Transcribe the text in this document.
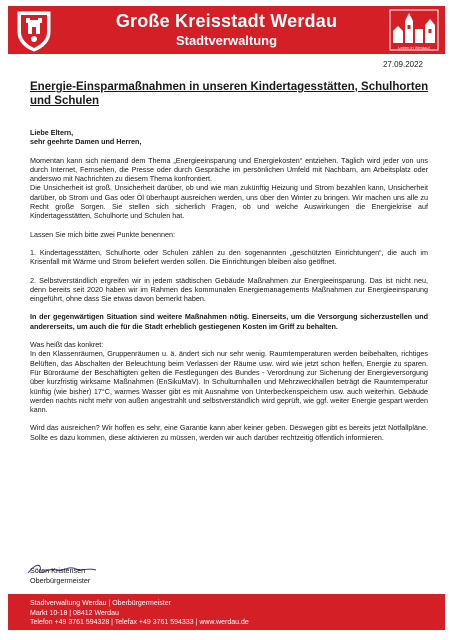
Große Kreisstadt Werdau
Stadtverwaltung	Leben in Werdau!
27.09.2022
Energie-Einsparmaßnahmen in unseren Kindertagesstätten, Schulhorten und Schulen

Liebe Eltern,
sehr geehrte Damen und Herren,

Momentan kann sich niemand dem Thema „Energieeinsparung und Energiekosten“ entziehen. Täglich wird jeder von uns durch Internet, Fernsehen, die Presse oder durch Gespräche im persönlichen Umfeld mit Nachbarn, am Arbeitsplatz oder anderswo mit Nachrichten zu diesem Thema konfrontiert.

Die Unsicherheit ist groß. Unsicherheit darüber, ob und wie man zukünftig Heizung und Strom bezahlen kann, Unsicherheit darüber, ob Strom und Gas oder Öl überhaupt ausreichen werden, uns über den Winter zu bringen. Wir machen uns alle zu Recht große Sorgen. Sie stellen sich sicherlich Fragen, ob und welche Auswirkungen die Energiekrise auf Kindertagesstätten, Schulhorte und Schulen hat.

Lassen Sie mich bitte zwei Punkte benennen:

1. Kindertagesstätten, Schulhorte oder Schulen zählen zu den sogenannten „geschützten Einrichtungen“, die auch im Krisenfall mit Wärme und Strom beliefert werden sollen. Die Einrichtungen bleiben also geöffnet.

2. Selbstverständlich ergreifen wir in jedem städtischen Gebäude Maßnahmen zur Energieeinsparung. Das ist nicht neu, denn bereits seit 2020 haben wir im Rahmen des kommunalen Energiemanagements Maßnahmen zur Energieeinsparung eingeführt, ohne dass Sie etwas davon bemerkt haben.

In der gegenwärtigen Situation sind weitere Maßnahmen nötig. Einerseits, um die Versorgung sicherzustellen und andererseits, um auch die für die Stadt erheblich gestiegenen Kosten im Griff zu behalten.

Was heißt das konkret:

In den Klassenräumen, Gruppenräumen u. ä. ändert sich nur sehr wenig. Raumtemperaturen werden beibehalten, richtiges Belüften, das Abschalten der Beleuchtung beim Verlassen der Räume usw. wird wie jetzt schon helfen, Energie zu sparen. Für Büroräume der Beschäftigten gelten die Festlegungen des Bundes - Verordnung zur Sicherung der Energieversorgung über kurzfristig wirksame Maßnahmen (EnSikuMaV). In Schulturnhallen und Mehrzweckhallen beträgt die Raumtemperatur künftig (wie bisher) 17°C, warmes Wasser gibt es mit Ausnahme von Unterbeckenspeichern usw. auch weiterhin. Gebäude werden nachts nicht mehr von außen angestrahlt und selbstverständlich wird geprüft, wie ggf. weiter Energie gespart werden kann.

Wird das ausreichen? Wir hoffen es sehr, eine Garantie kann aber keiner geben. Deswegen gibt es bereits jetzt Notfallpläne. Sollte es dazu kommen, diese aktivieren zu müssen, werden wir auch darüber rechtzeitig öffentlich informieren.

Sören Kristensen
Oberbürgermeister
Stadtverwaltung Werdau | Oberbürgermeister
Markt 10-18 | 08412 Werdau
Telefon +49 3761 594328 | Telefax +49 3761 594333 | www.werdau.de
